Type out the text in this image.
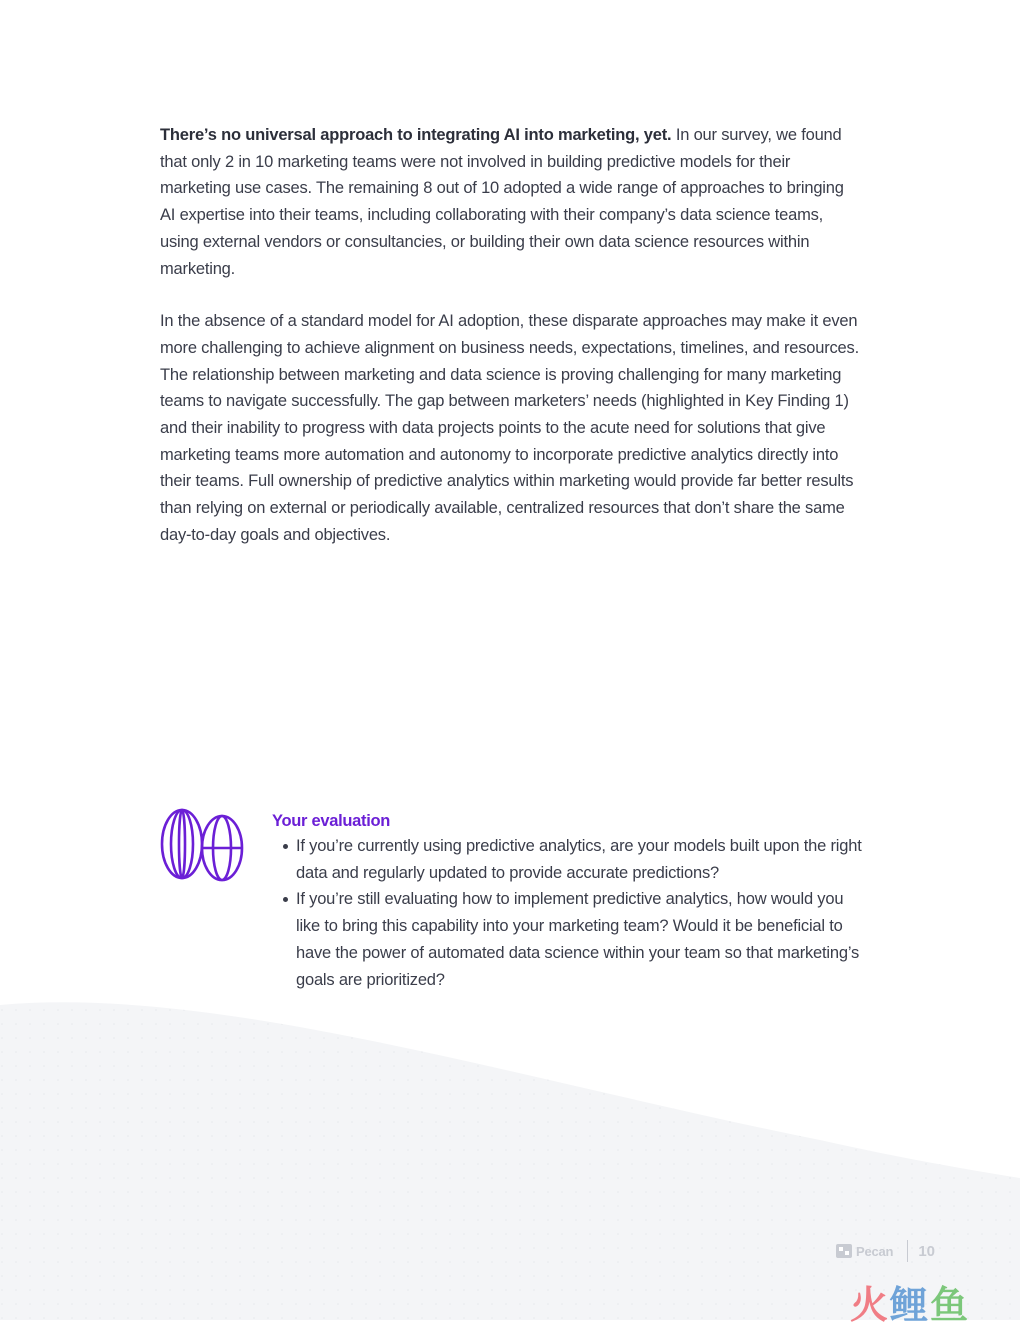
There’s no universal approach to integrating AI into marketing, yet. In our survey, we found that only 2 in 10 marketing teams were not involved in building predictive models for their marketing use cases. The remaining 8 out of 10 adopted a wide range of approaches to bringing AI expertise into their teams, including collaborating with their company’s data science teams, using external vendors or consultancies, or building their own data science resources within marketing.

In the absence of a standard model for AI adoption, these disparate approaches may make it even more challenging to achieve alignment on business needs, expectations, timelines, and resources. The relationship between marketing and data science is proving challenging for many marketing teams to navigate successfully. The gap between marketers’ needs (highlighted in Key Finding 1) and their inability to progress with data projects points to the acute need for solutions that give marketing teams more automation and autonomy to incorporate predictive analytics directly into their teams. Full ownership of predictive analytics within marketing would provide far better results than relying on external or periodically available, centralized resources that don’t share the same day-to-day goals and objectives.

Your evaluation
If you’re currently using predictive analytics, are your models built upon the right data and regularly updated to provide accurate predictions?
If you’re still evaluating how to implement predictive analytics, how would you like to bring this capability into your marketing team? Would it be beneficial to have the power of automated data science within your team so that marketing’s goals are prioritized?
Pecan 10
火鲤鱼
